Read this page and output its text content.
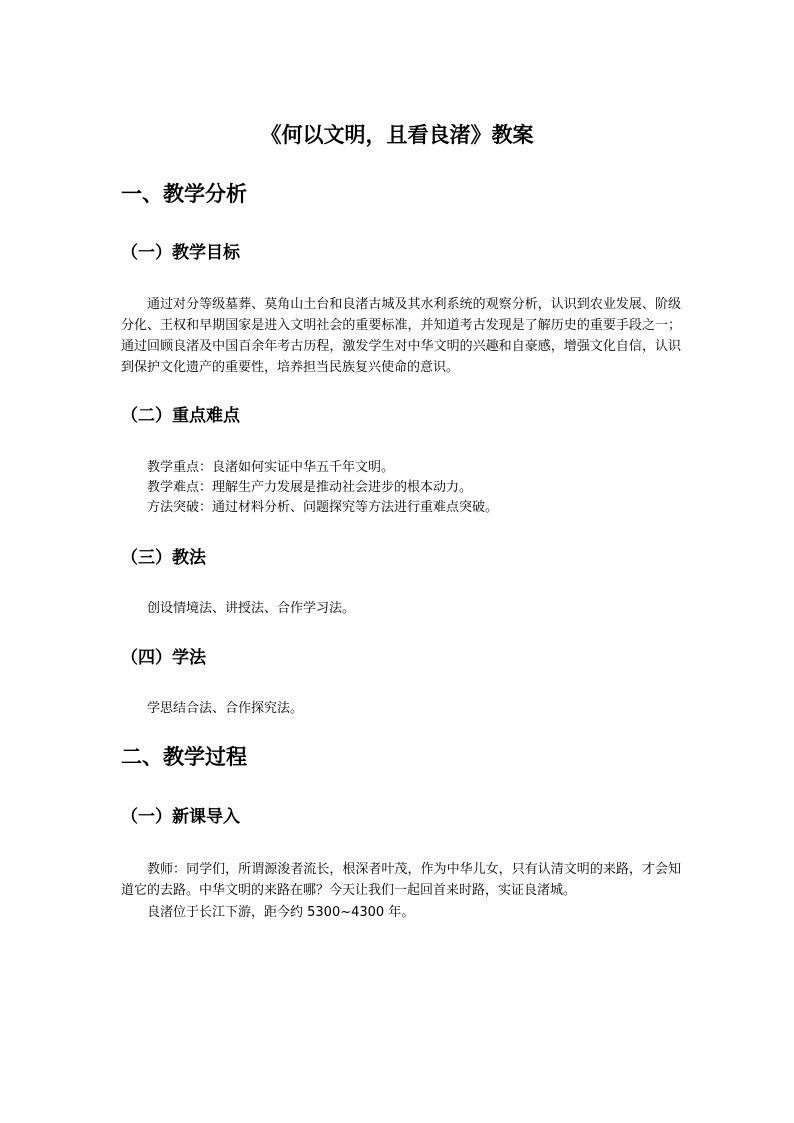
《何以文明，且看良渚》教案
一、教学分析
（一）教学目标

通过对分等级墓葬、莫角山土台和良渚古城及其水利系统的观察分析，认识到农业发展、阶级分化、王权和早期国家是进入文明社会的重要标准，并知道考古发现是了解历史的重要手段之一；通过回顾良渚及中国百余年考古历程，激发学生对中华文明的兴趣和自豪感，增强文化自信，认识到保护文化遗产的重要性，培养担当民族复兴使命的意识。

（二）重点难点

教学重点：良渚如何实证中华五千年文明。

教学难点：理解生产力发展是推动社会进步的根本动力。

方法突破：通过材料分析、问题探究等方法进行重难点突破。

（三）教法

创设情境法、讲授法、合作学习法。

（四）学法

学思结合法、合作探究法。

二、教学过程
（一）新课导入

教师：同学们，所谓源浚者流长，根深者叶茂，作为中华儿女，只有认清文明的来路，才会知道它的去路。中华文明的来路在哪？今天让我们一起回首来时路，实证良渚城。

良渚位于长江下游，距今约 5300~4300 年。
